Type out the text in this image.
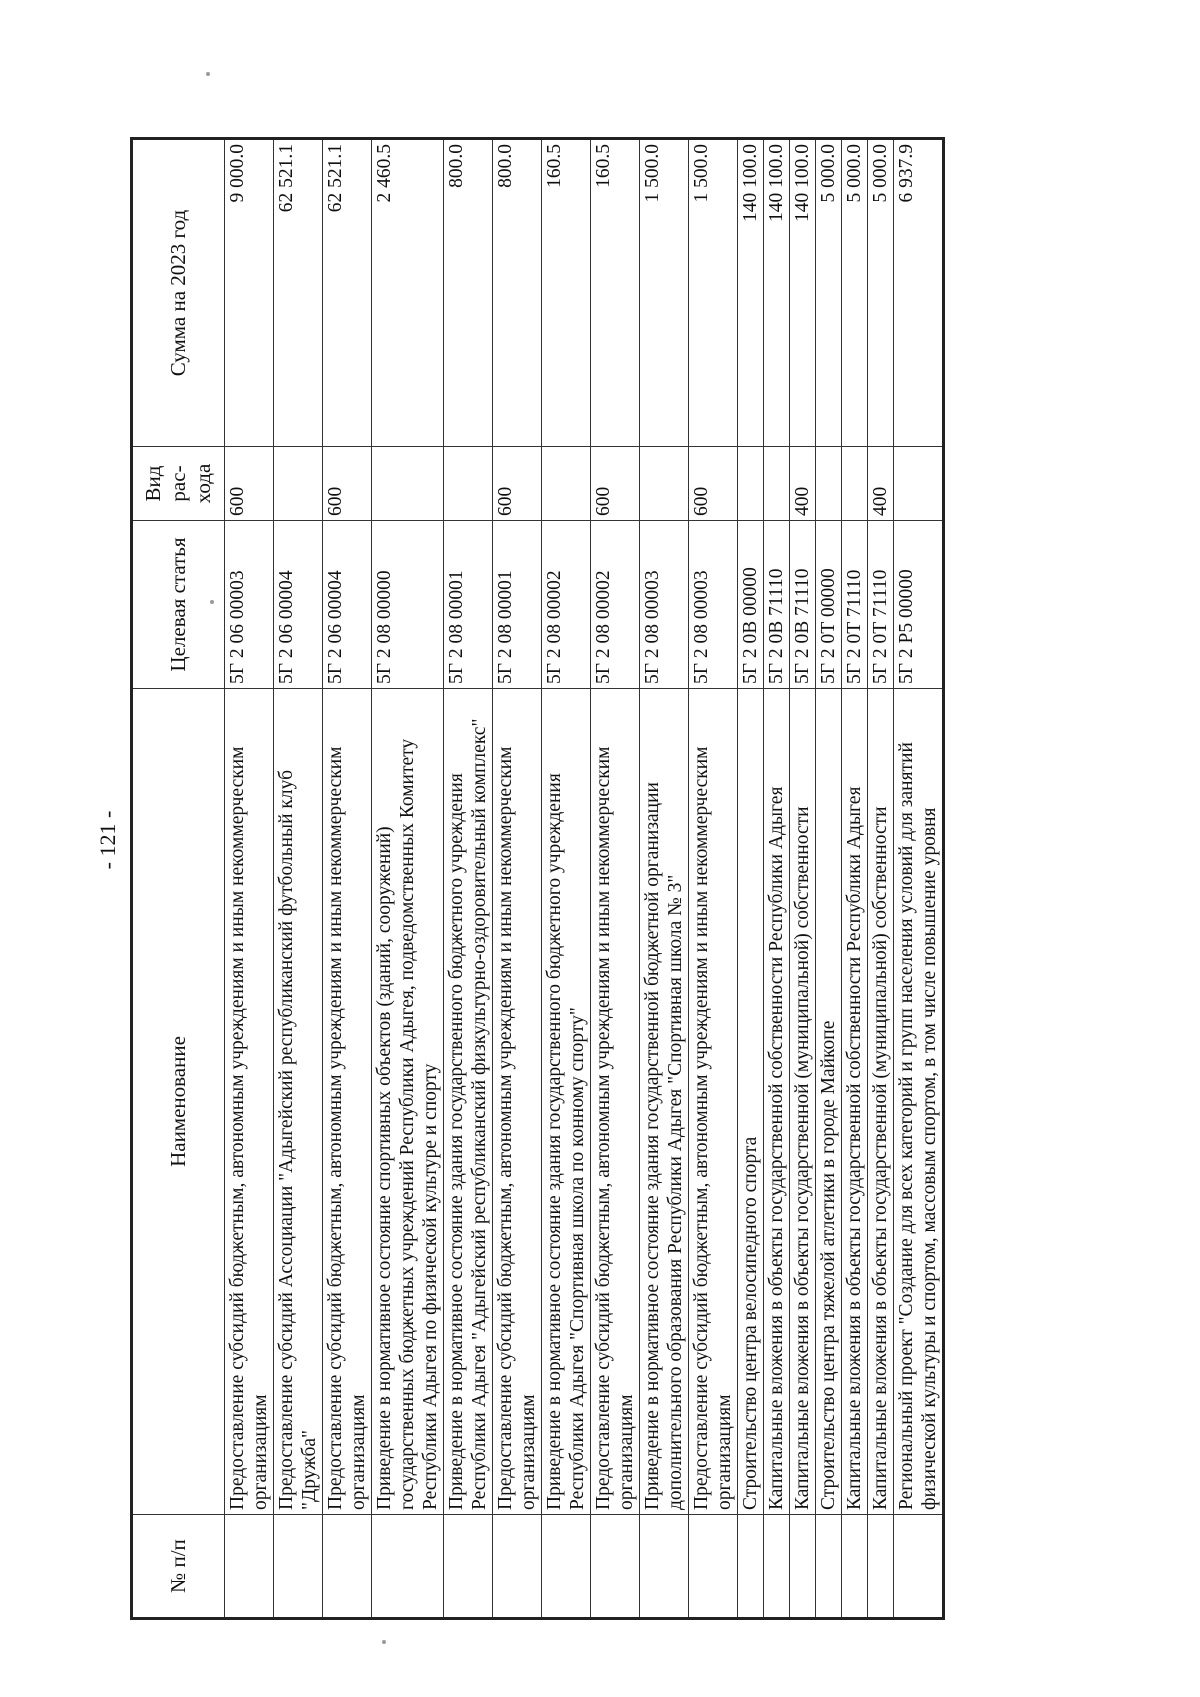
- 121 -
№ п/п	Наименование	Целевая статья	Вид рас-хода	Сумма на 2023 год
	Предоставление субсидий бюджетным, автономным учреждениям и иным некоммерческим организациям	5Г 2 06 00003	600	9 000.0
	Предоставление субсидий Ассоциации "Адыгейский республиканский футбольный клуб "Дружба"	5Г 2 06 00004		62 521.1
	Предоставление субсидий бюджетным, автономным учреждениям и иным некоммерческим организациям	5Г 2 06 00004	600	62 521.1
	Приведение в нормативное состояние спортивных объектов (зданий, сооружений) государственных бюджетных учреждений Республики Адыгея, подведомственных Комитету Республики Адыгея по физической культуре и спорту	5Г 2 08 00000		2 460.5
	Приведение в нормативное состояние здания государственного бюджетного учреждения Республики Адыгея "Адыгейский республиканский физкультурно-оздоровительный комплекс"	5Г 2 08 00001		800.0
	Предоставление субсидий бюджетным, автономным учреждениям и иным некоммерческим организациям	5Г 2 08 00001	600	800.0
	Приведение в нормативное состояние здания государственного бюджетного учреждения Республики Адыгея "Спортивная школа по конному спорту"	5Г 2 08 00002		160.5
	Предоставление субсидий бюджетным, автономным учреждениям и иным некоммерческим организациям	5Г 2 08 00002	600	160.5
	Приведение в нормативное состояние здания государственной бюджетной организации дополнительного образования Республики Адыгея "Спортивная школа № 3"	5Г 2 08 00003		1 500.0
	Предоставление субсидий бюджетным, автономным учреждениям и иным некоммерческим организациям	5Г 2 08 00003	600	1 500.0
	Строительство центра велосипедного спорта	5Г 2 0В 00000		140 100.0
	Капитальные вложения в объекты государственной собственности Республики Адыгея	5Г 2 0В 71110		140 100.0
	Капитальные вложения в объекты государственной (муниципальной) собственности	5Г 2 0В 71110	400	140 100.0
	Строительство центра тяжелой атлетики в городе Майкопе	5Г 2 0Т 00000		5 000.0
	Капитальные вложения в объекты государственной собственности Республики Адыгея	5Г 2 0Т 71110		5 000.0
	Капитальные вложения в объекты государственной (муниципальной) собственности	5Г 2 0Т 71110	400	5 000.0
	Региональный проект "Создание для всех категорий и групп населения условий для занятий физической культуры и спортом, массовым спортом, в том числе повышение уровня	5Г 2 Р5 00000		6 937.9
